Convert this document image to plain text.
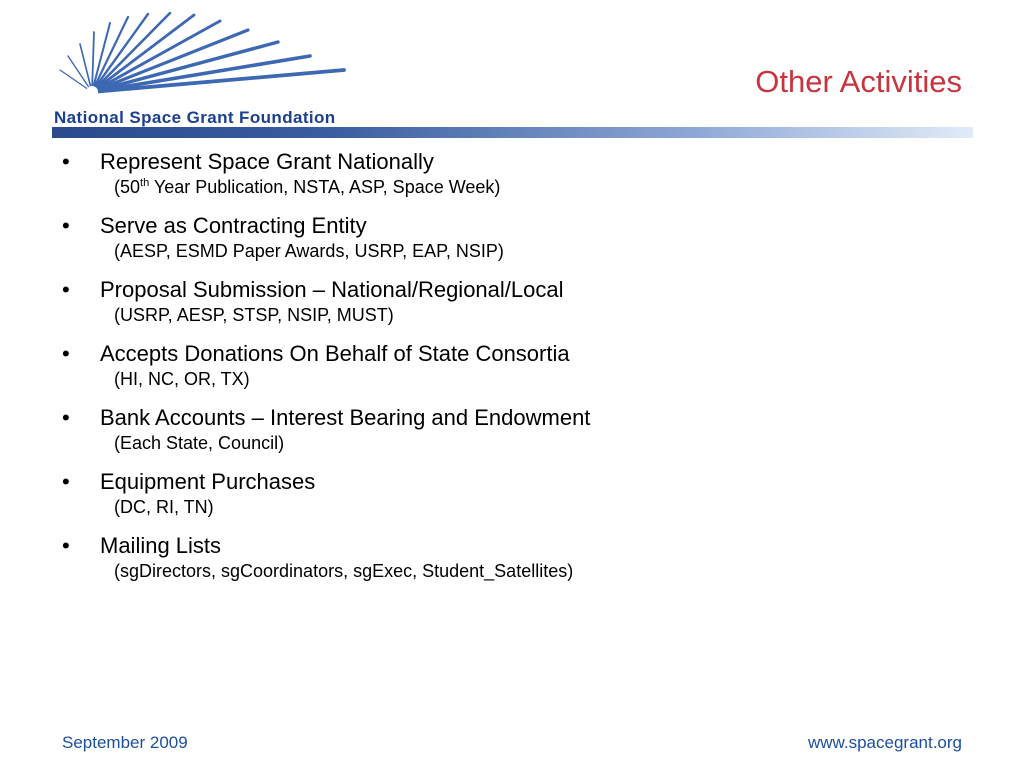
National Space Grant Foundation
Other Activities
• Represent Space Grant Nationally
(50th Year Publication, NSTA, ASP, Space Week)
• Serve as Contracting Entity
(AESP, ESMD Paper Awards, USRP, EAP, NSIP)
• Proposal Submission – National/Regional/Local
(USRP, AESP, STSP, NSIP, MUST)
• Accepts Donations On Behalf of State Consortia
(HI, NC, OR, TX)
• Bank Accounts – Interest Bearing and Endowment
(Each State, Council)
• Equipment Purchases
(DC, RI, TN)
• Mailing Lists
(sgDirectors, sgCoordinators, sgExec, Student_Satellites)
September 2009	www.spacegrant.org
